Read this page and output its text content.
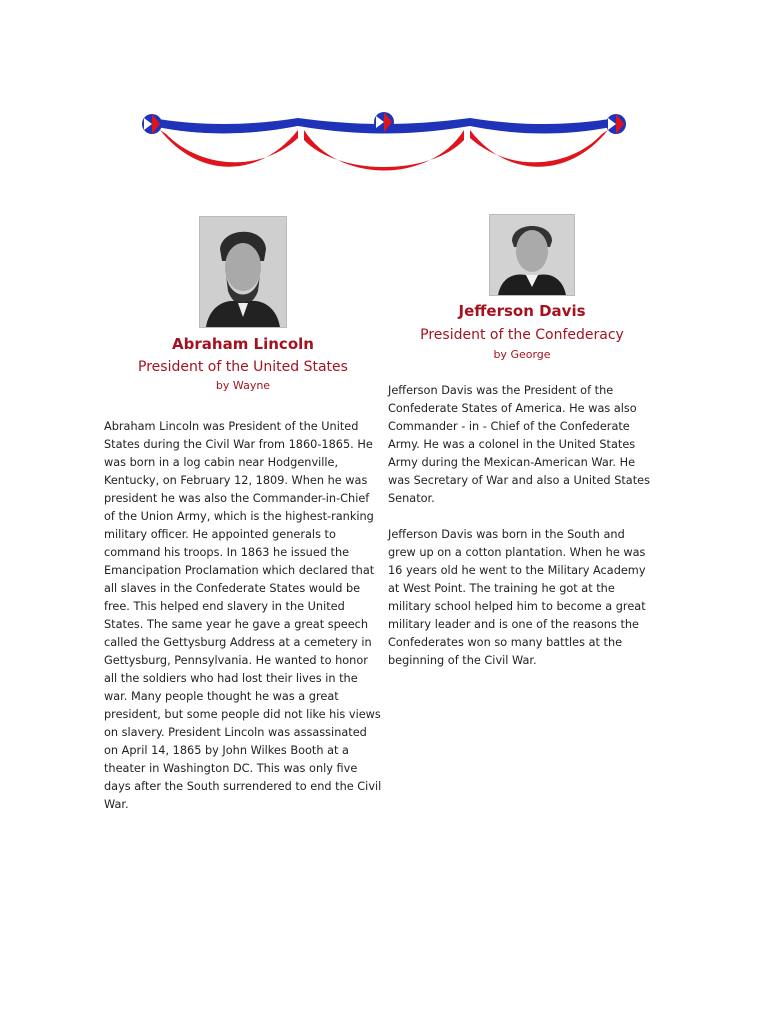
Abraham Lincoln
President of the United States
by Wayne

Abraham Lincoln was President of the United States during the Civil War from 1860-1865. He was born in a log cabin near Hodgenville, Kentucky, on February 12, 1809. When he was president he was also the Commander-in-Chief of the Union Army, which is the highest-ranking military officer. He appointed generals to command his troops. In 1863 he issued the Emancipation Proclamation which declared that all slaves in the Confederate States would be free. This helped end slavery in the United States. The same year he gave a great speech called the Gettysburg Address at a cemetery in Gettysburg, Pennsylvania. He wanted to honor all the soldiers who had lost their lives in the war. Many people thought he was a great president, but some people did not like his views on slavery. President Lincoln was assassinated on April 14, 1865 by John Wilkes Booth at a theater in Washington DC. This was only five days after the South surrendered to end the Civil War.

Jefferson Davis
President of the Confederacy
by George

Jefferson Davis was the President of the Confederate States of America. He was also Commander - in - Chief of the Confederate Army. He was a colonel in the United States Army during the Mexican-American War. He was Secretary of War and also a United States Senator.

Jefferson Davis was born in the South and grew up on a cotton plantation. When he was 16 years old he went to the Military Academy at West Point. The training he got at the military school helped him to become a great military leader and is one of the reasons the Confederates won so many battles at the beginning of the Civil War.
